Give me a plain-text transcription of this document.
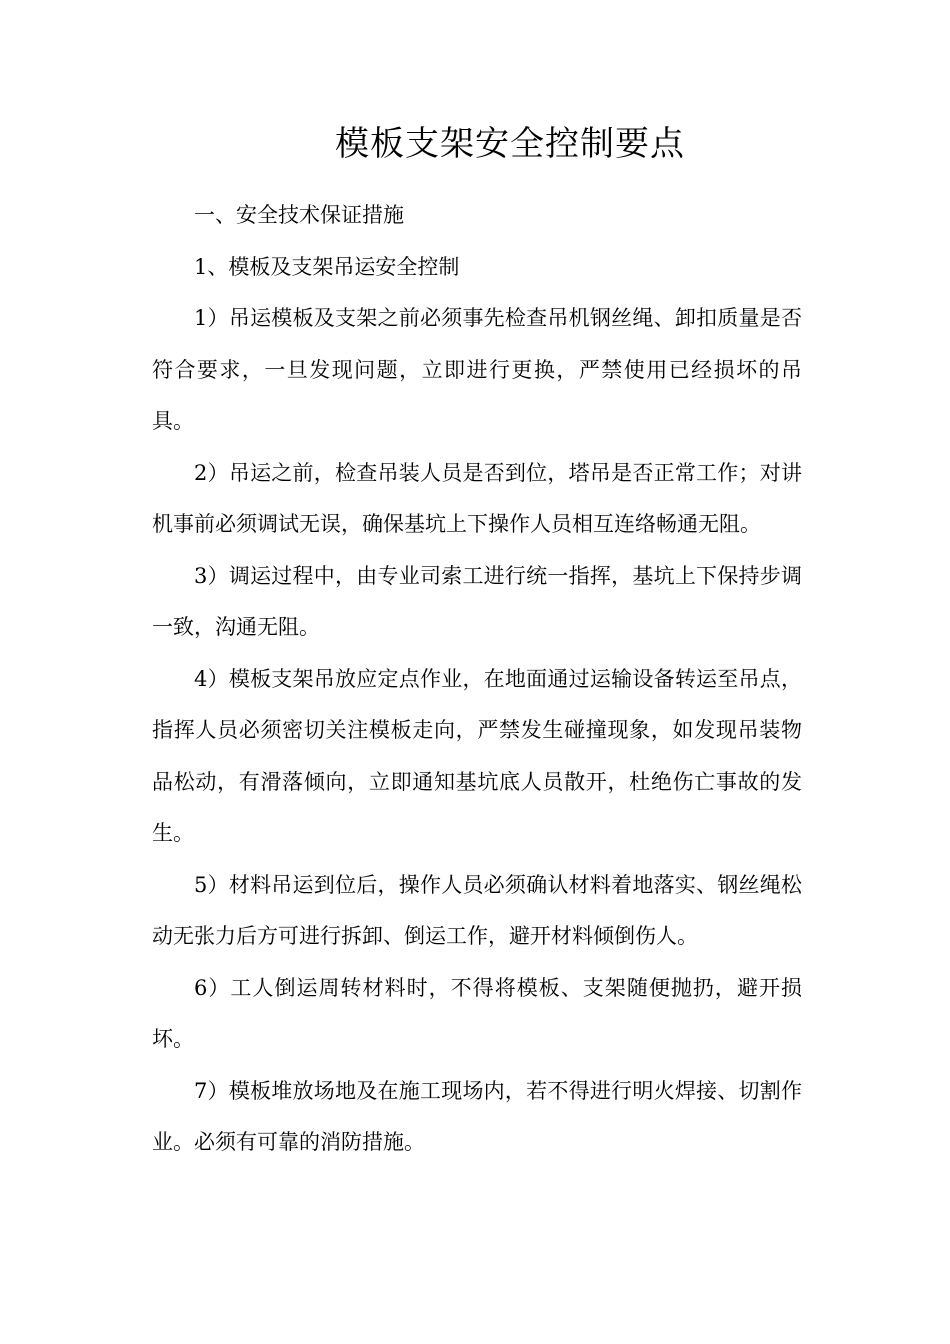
模板支架安全控制要点

一、安全技术保证措施

1、模板及支架吊运安全控制

1）吊运模板及支架之前必须事先检查吊机钢丝绳、卸扣质量是否符合要求，一旦发现问题，立即进行更换，严禁使用已经损坏的吊具。

2）吊运之前，检查吊装人员是否到位，塔吊是否正常工作；对讲机事前必须调试无误，确保基坑上下操作人员相互连络畅通无阻。

3）调运过程中，由专业司索工进行统一指挥，基坑上下保持步调一致，沟通无阻。

4）模板支架吊放应定点作业，在地面通过运输设备转运至吊点，指挥人员必须密切关注模板走向，严禁发生碰撞现象，如发现吊装物品松动，有滑落倾向，立即通知基坑底人员散开，杜绝伤亡事故的发生。

5）材料吊运到位后，操作人员必须确认材料着地落实、钢丝绳松动无张力后方可进行拆卸、倒运工作，避开材料倾倒伤人。

6）工人倒运周转材料时，不得将模板、支架随便抛扔，避开损坏。

7）模板堆放场地及在施工现场内，若不得进行明火焊接、切割作业。必须有可靠的消防措施。
